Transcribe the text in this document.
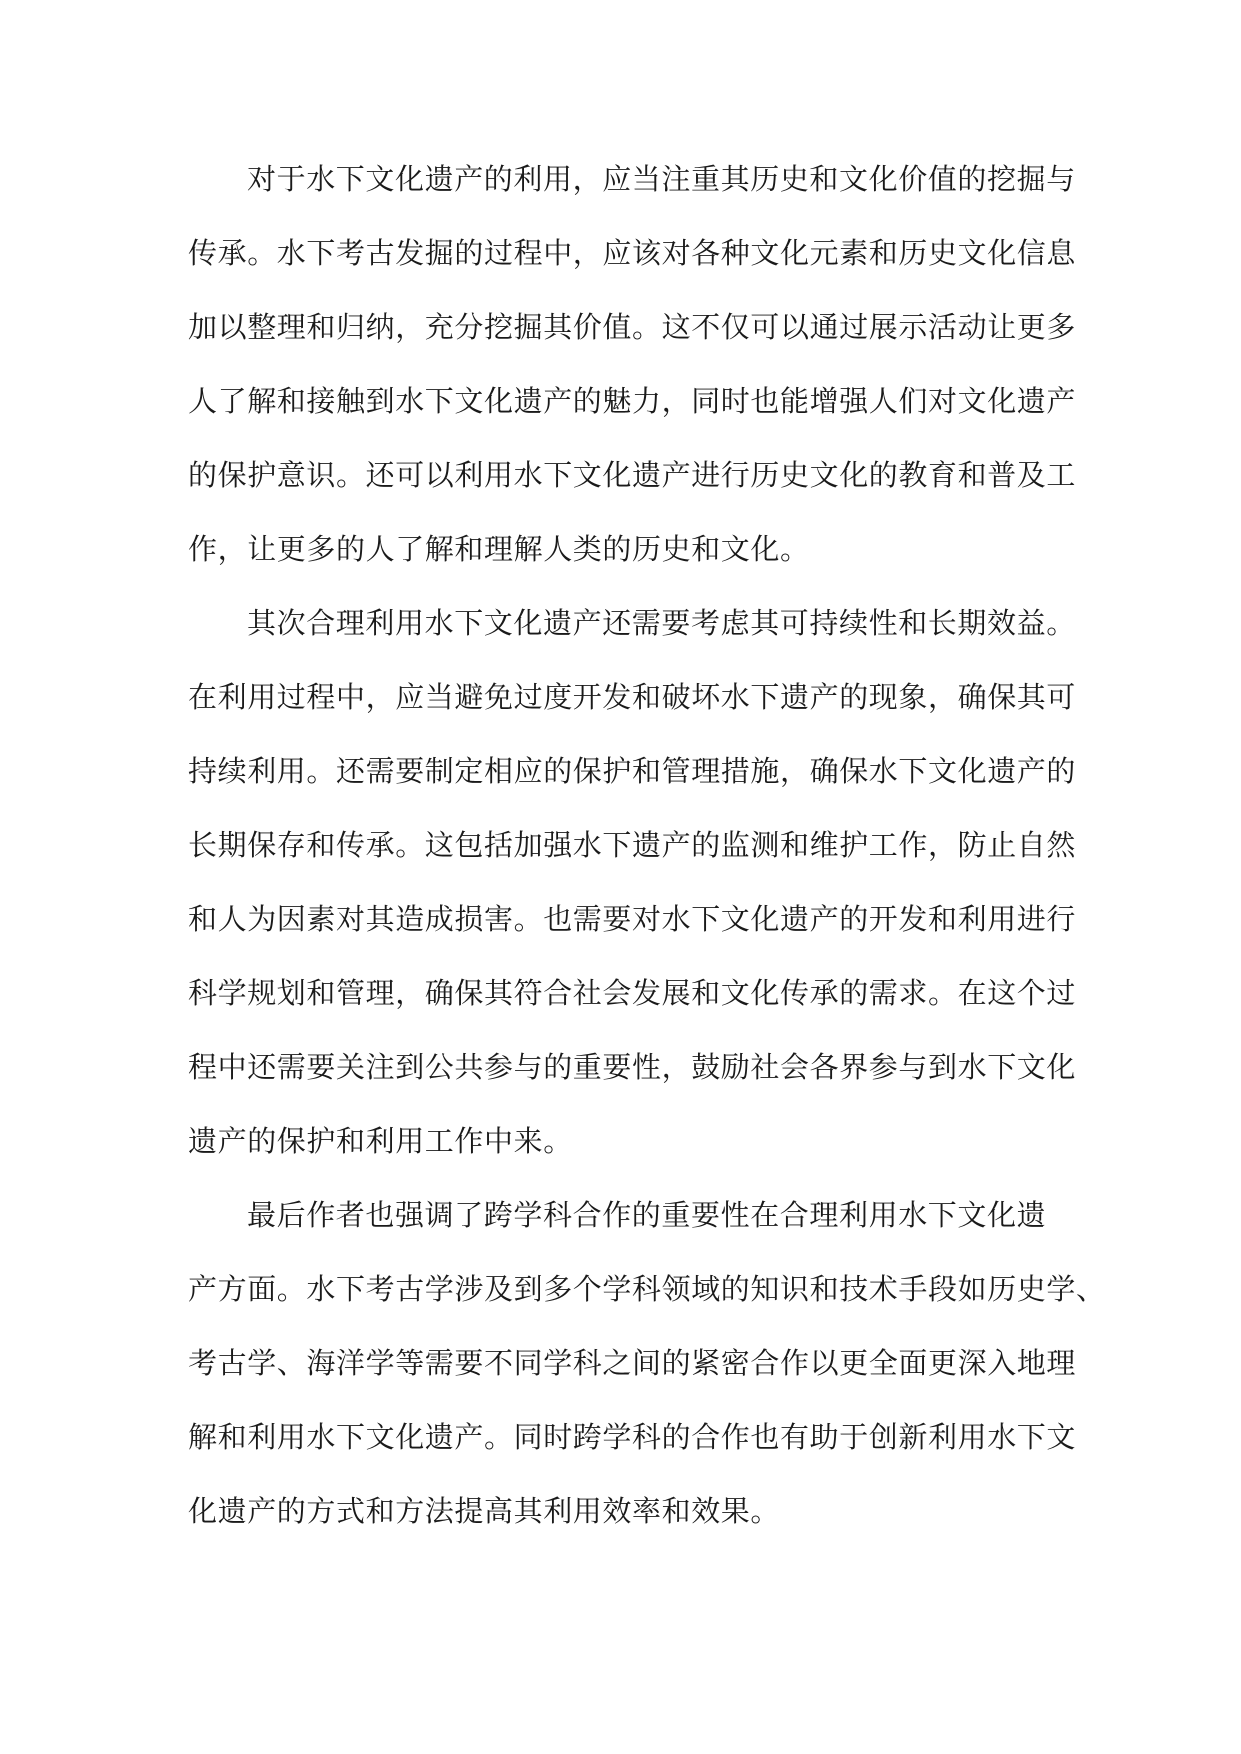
对于水下文化遗产的利用，应当注重其历史和文化价值的挖掘与
传承。水下考古发掘的过程中，应该对各种文化元素和历史文化信息
加以整理和归纳，充分挖掘其价值。这不仅可以通过展示活动让更多
人了解和接触到水下文化遗产的魅力，同时也能增强人们对文化遗产
的保护意识。还可以利用水下文化遗产进行历史文化的教育和普及工
作，让更多的人了解和理解人类的历史和文化。
其次合理利用水下文化遗产还需要考虑其可持续性和长期效益。
在利用过程中，应当避免过度开发和破坏水下遗产的现象，确保其可
持续利用。还需要制定相应的保护和管理措施，确保水下文化遗产的
长期保存和传承。这包括加强水下遗产的监测和维护工作，防止自然
和人为因素对其造成损害。也需要对水下文化遗产的开发和利用进行
科学规划和管理，确保其符合社会发展和文化传承的需求。在这个过
程中还需要关注到公共参与的重要性，鼓励社会各界参与到水下文化
遗产的保护和利用工作中来。
最后作者也强调了跨学科合作的重要性在合理利用水下文化遗
产方面。水下考古学涉及到多个学科领域的知识和技术手段如历史学、
考古学、海洋学等需要不同学科之间的紧密合作以更全面更深入地理
解和利用水下文化遗产。同时跨学科的合作也有助于创新利用水下文
化遗产的方式和方法提高其利用效率和效果。
